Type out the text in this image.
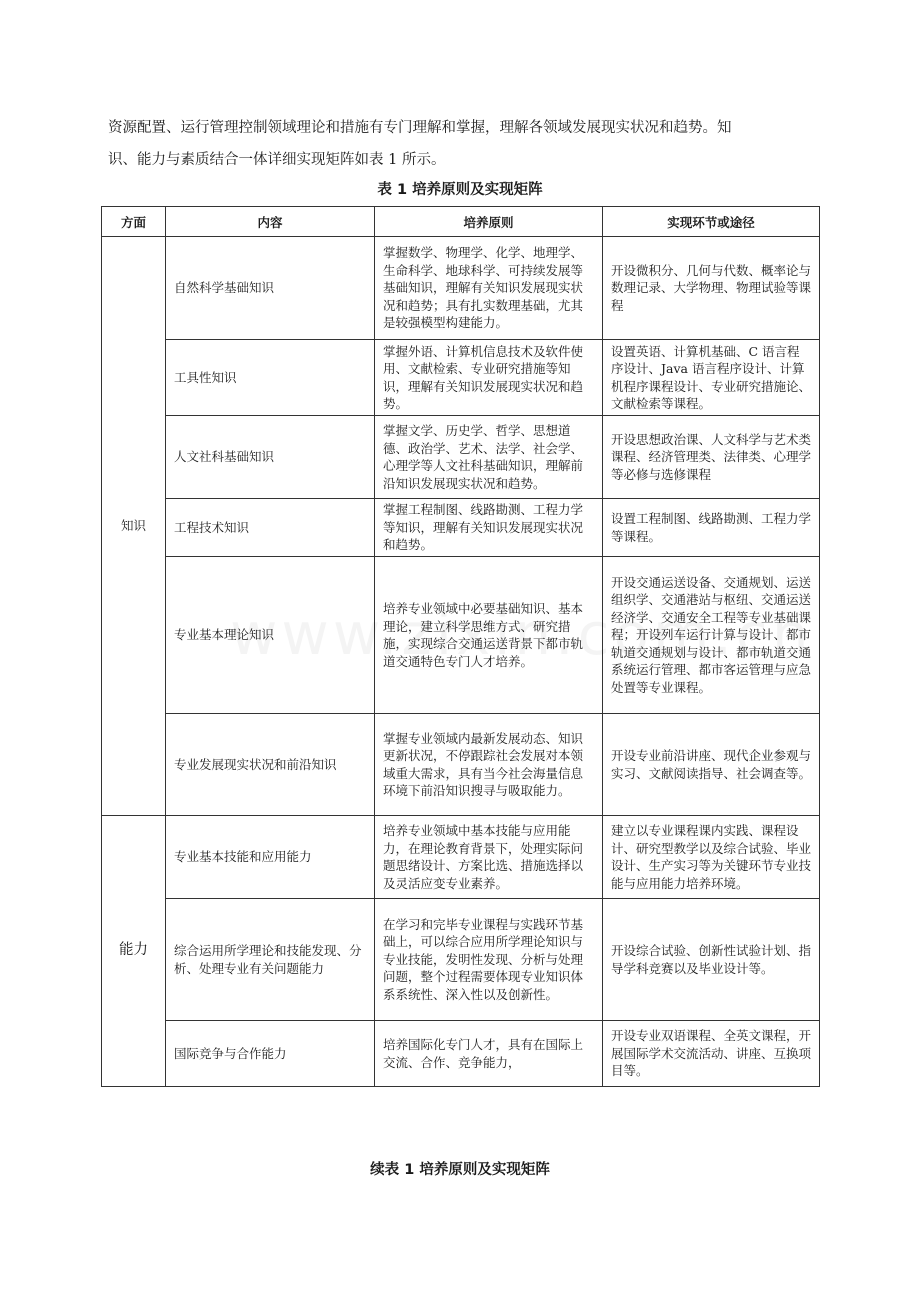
资源配置、运行管理控制领域理论和措施有专门理解和掌握，理解各领域发展现实状况和趋势。知
识、能力与素质结合一体详细实现矩阵如表 1 所示。

表 1 培养原则及实现矩阵

方面	内容	培养原则	实现环节或途径
知识	自然科学基础知识	掌握数学、物理学、化学、地理学、生命科学、地球科学、可持续发展等基础知识，理解有关知识发展现实状况和趋势；具有扎实数理基础，尤其是较强模型构建能力。	开设微积分、几何与代数、概率论与数理记录、大学物理、物理试验等课程
	工具性知识	掌握外语、计算机信息技术及软件使用、文献检索、专业研究措施等知识，理解有关知识发展现实状况和趋势。	设置英语、计算机基础、C 语言程序设计、Java 语言程序设计、计算机程序课程设计、专业研究措施论、文献检索等课程。
	人文社科基础知识	掌握文学、历史学、哲学、思想道德、政治学、艺术、法学、社会学、心理学等人文社科基础知识，理解前沿知识发展现实状况和趋势。	开设思想政治课、人文科学与艺术类课程、经济管理类、法律类、心理学等必修与选修课程
	工程技术知识	掌握工程制图、线路勘测、工程力学等知识，理解有关知识发展现实状况和趋势。	设置工程制图、线路勘测、工程力学等课程。
	专业基本理论知识	培养专业领域中必要基础知识、基本理论，建立科学思维方式、研究措施，实现综合交通运送背景下都市轨道交通特色专门人才培养。	开设交通运送设备、交通规划、运送组织学、交通港站与枢纽、交通运送经济学、交通安全工程等专业基础课程；开设列车运行计算与设计、都市轨道交通规划与设计、都市轨道交通系统运行管理、都市客运管理与应急处置等专业课程。
	专业发展现实状况和前沿知识	掌握专业领域内最新发展动态、知识更新状况，不停跟踪社会发展对本领域重大需求，具有当今社会海量信息环境下前沿知识搜寻与吸取能力。	开设专业前沿讲座、现代企业参观与实习、文献阅读指导、社会调查等。
能力	专业基本技能和应用能力	培养专业领域中基本技能与应用能力，在理论教育背景下，处理实际问题思绪设计、方案比选、措施选择以及灵活应变专业素养。	建立以专业课程课内实践、课程设计、研究型教学以及综合试验、毕业设计、生产实习等为关键环节专业技能与应用能力培养环境。
	综合运用所学理论和技能发现、分析、处理专业有关问题能力	在学习和完毕专业课程与实践环节基础上，可以综合应用所学理论知识与专业技能，发明性发现、分析与处理问题，整个过程需要体现专业知识体系系统性、深入性以及创新性。	开设综合试验、创新性试验计划、指导学科竞赛以及毕业设计等。
	国际竞争与合作能力	培养国际化专门人才，具有在国际上交流、合作、竞争能力，	开设专业双语课程、全英文课程，开展国际学术交流活动、讲座、互换项目等。

续表 1 培养原则及实现矩阵
